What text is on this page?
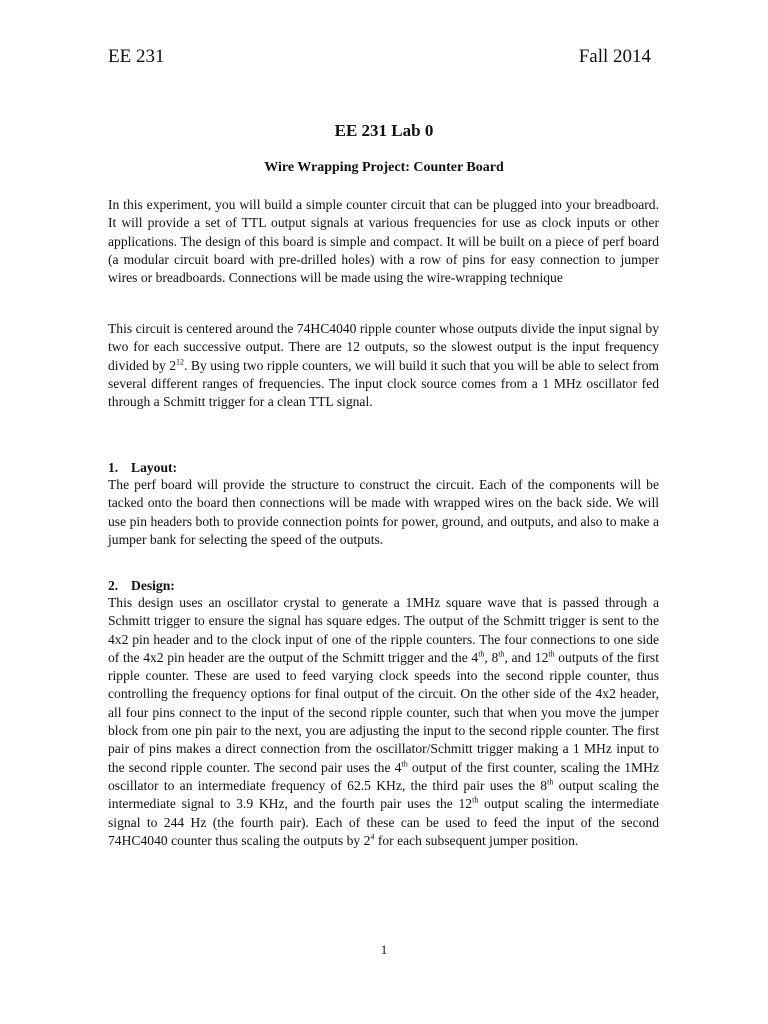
EE 231	Fall 2014
EE 231 Lab 0
Wire Wrapping Project: Counter Board
In this experiment, you will build a simple counter circuit that can be plugged into your breadboard. It will provide a set of TTL output signals at various frequencies for use as clock inputs or other applications. The design of this board is simple and compact. It will be built on a piece of perf board (a modular circuit board with pre-drilled holes) with a row of pins for easy connection to jumper wires or breadboards. Connections will be made using the wire-wrapping technique
This circuit is centered around the 74HC4040 ripple counter whose outputs divide the input signal by two for each successive output. There are 12 outputs, so the slowest output is the input frequency divided by $2^{12}$. By using two ripple counters, we will build it such that you will be able to select from several different ranges of frequencies. The input clock source comes from a 1 MHz oscillator fed through a Schmitt trigger for a clean TTL signal.
1. Layout:
The perf board will provide the structure to construct the circuit. Each of the components will be tacked onto the board then connections will be made with wrapped wires on the back side. We will use pin headers both to provide connection points for power, ground, and outputs, and also to make a jumper bank for selecting the speed of the outputs.
2. Design:
This design uses an oscillator crystal to generate a 1MHz square wave that is passed through a Schmitt trigger to ensure the signal has square edges. The output of the Schmitt trigger is sent to the 4x2 pin header and to the clock input of one of the ripple counters. The four connections to one side of the 4x2 pin header are the output of the Schmitt trigger and the 4th, 8th, and 12th outputs of the first ripple counter. These are used to feed varying clock speeds into the second ripple counter, thus controlling the frequency options for final output of the circuit. On the other side of the 4x2 header, all four pins connect to the input of the second ripple counter, such that when you move the jumper block from one pin pair to the next, you are adjusting the input to the second ripple counter. The first pair of pins makes a direct connection from the oscillator/Schmitt trigger making a 1 MHz input to the second ripple counter. The second pair uses the 4th output of the first counter, scaling the 1MHz oscillator to an intermediate frequency of 62.5 KHz, the third pair uses the 8th output scaling the intermediate signal to 3.9 KHz, and the fourth pair uses the 12th output scaling the intermediate signal to 244 Hz (the fourth pair). Each of these can be used to feed the input of the second 74HC4040 counter thus scaling the outputs by $2^4$ for each subsequent jumper position.
1
